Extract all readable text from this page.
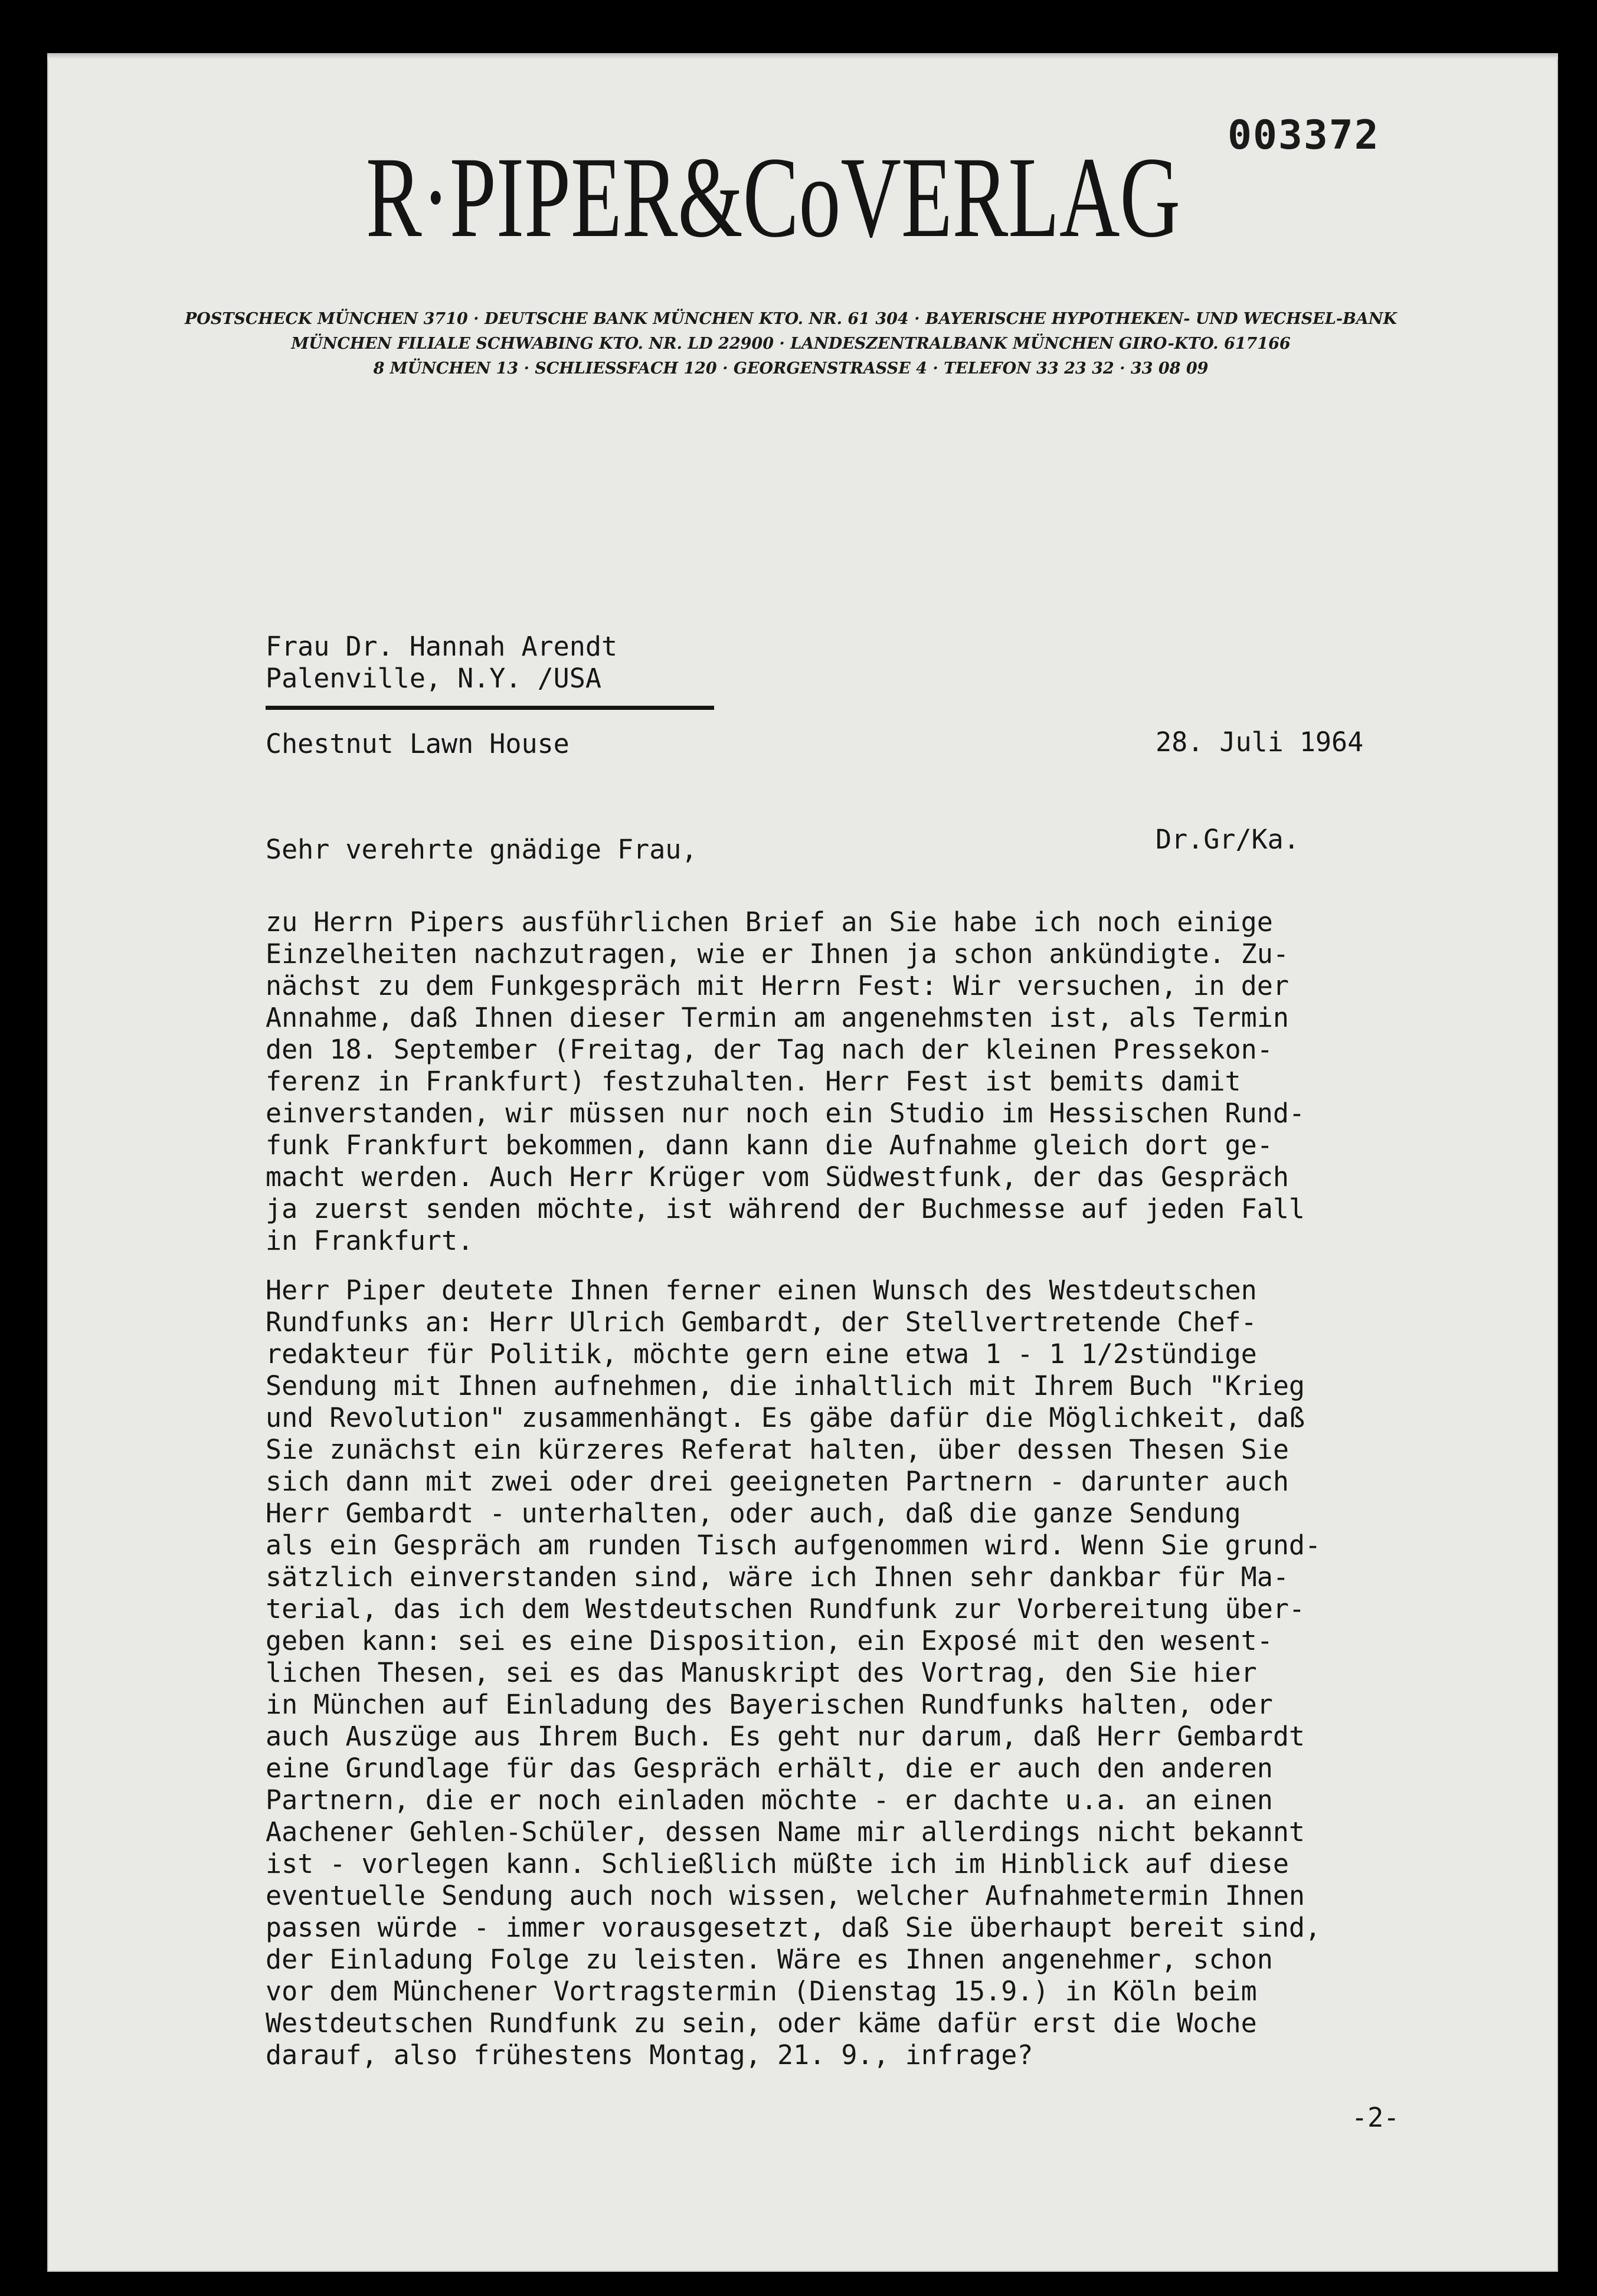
003372
R·PIPER&CoVERLAG
POSTSCHECK MÜNCHEN 3710 · DEUTSCHE BANK MÜNCHEN KTO. NR. 61 304 · BAYERISCHE HYPOTHEKEN- UND WECHSEL-BANK
MÜNCHEN FILIALE SCHWABING KTO. NR. LD 22900 · LANDESZENTRALBANK MÜNCHEN GIRO-KTO. 617166
8 MÜNCHEN 13 · SCHLIESSFACH 120 · GEORGENSTRASSE 4 · TELEFON 33 23 32 · 33 08 09

Frau Dr. Hannah Arendt

Chestnut Lawn House

Palenville, N.Y. /USA

28. Juli 1964

Dr.Gr/Ka.

Sehr verehrte gnädige Frau,
zu Herrn Pipers ausführlichen Brief an Sie habe ich noch einige
Einzelheiten nachzutragen, wie er Ihnen ja schon ankündigte. Zu-
nächst zu dem Funkgespräch mit Herrn Fest: Wir versuchen, in der
Annahme, daß Ihnen dieser Termin am angenehmsten ist, als Termin
den 18. September (Freitag, der Tag nach der kleinen Pressekon-
ferenz in Frankfurt) festzuhalten. Herr Fest ist bemits damit
einverstanden, wir müssen nur noch ein Studio im Hessischen Rund-
funk Frankfurt bekommen, dann kann die Aufnahme gleich dort ge-
macht werden. Auch Herr Krüger vom Südwestfunk, der das Gespräch
ja zuerst senden möchte, ist während der Buchmesse auf jeden Fall
in Frankfurt.
Herr Piper deutete Ihnen ferner einen Wunsch des Westdeutschen
Rundfunks an: Herr Ulrich Gembardt, der Stellvertretende Chef-
redakteur für Politik, möchte gern eine etwa 1 - 1 1/2stündige
Sendung mit Ihnen aufnehmen, die inhaltlich mit Ihrem Buch "Krieg
und Revolution" zusammenhängt. Es gäbe dafür die Möglichkeit, daß
Sie zunächst ein kürzeres Referat halten, über dessen Thesen Sie
sich dann mit zwei oder drei geeigneten Partnern - darunter auch
Herr Gembardt - unterhalten, oder auch, daß die ganze Sendung
als ein Gespräch am runden Tisch aufgenommen wird. Wenn Sie grund-
sätzlich einverstanden sind, wäre ich Ihnen sehr dankbar für Ma-
terial, das ich dem Westdeutschen Rundfunk zur Vorbereitung über-
geben kann: sei es eine Disposition, ein Exposé mit den wesent-
lichen Thesen, sei es das Manuskript des Vortrag, den Sie hier
in München auf Einladung des Bayerischen Rundfunks halten, oder
auch Auszüge aus Ihrem Buch. Es geht nur darum, daß Herr Gembardt
eine Grundlage für das Gespräch erhält, die er auch den anderen
Partnern, die er noch einladen möchte - er dachte u.a. an einen
Aachener Gehlen-Schüler, dessen Name mir allerdings nicht bekannt
ist - vorlegen kann. Schließlich müßte ich im Hinblick auf diese
eventuelle Sendung auch noch wissen, welcher Aufnahmetermin Ihnen
passen würde - immer vorausgesetzt, daß Sie überhaupt bereit sind,
der Einladung Folge zu leisten. Wäre es Ihnen angenehmer, schon
vor dem Münchener Vortragstermin (Dienstag 15.9.) in Köln beim
Westdeutschen Rundfunk zu sein, oder käme dafür erst die Woche
darauf, also frühestens Montag, 21. 9., infrage?
-2-
